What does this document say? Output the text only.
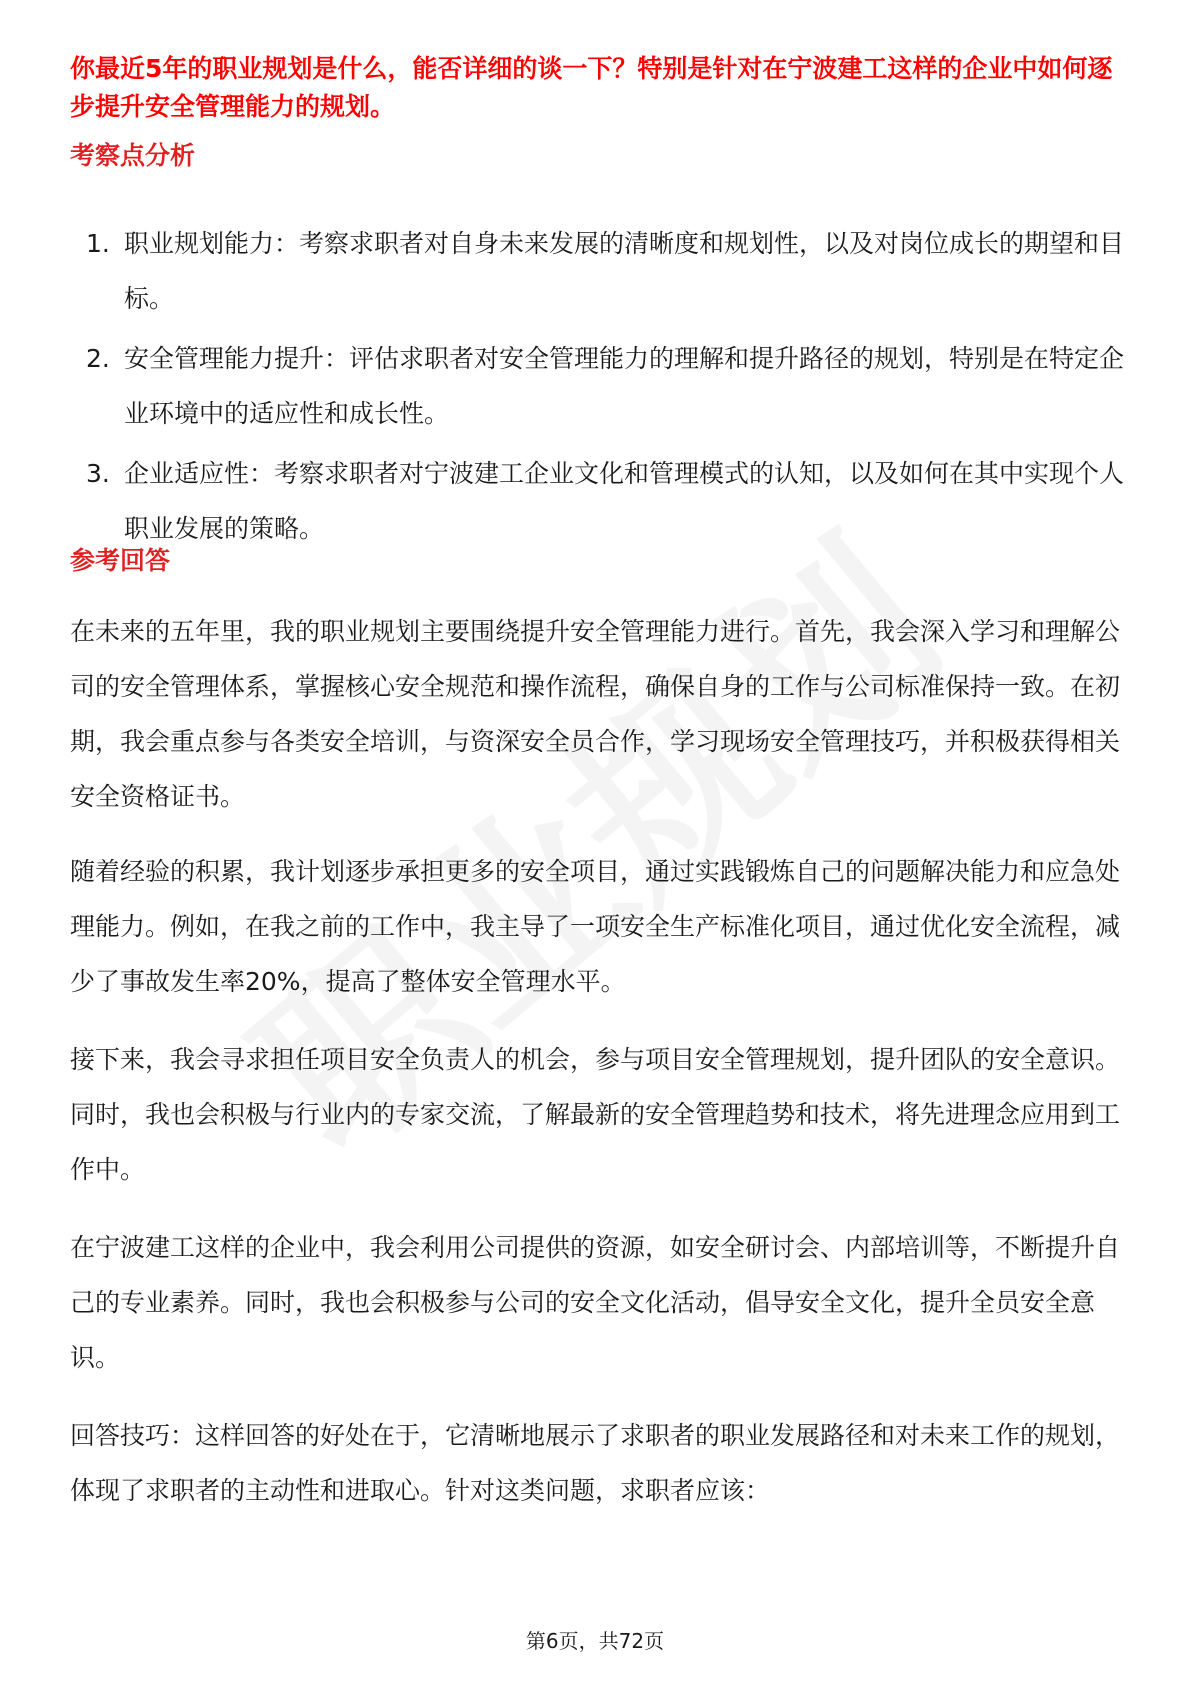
你最近5年的职业规划是什么，能否详细的谈一下？特别是针对在宁波建工这样的企业中如何逐步提升安全管理能力的规划。
考察点分析
1. 职业规划能力：考察求职者对自身未来发展的清晰度和规划性，以及对岗位成长的期望和目标。
2. 安全管理能力提升：评估求职者对安全管理能力的理解和提升路径的规划，特别是在特定企业环境中的适应性和成长性。
3. 企业适应性：考察求职者对宁波建工企业文化和管理模式的认知，以及如何在其中实现个人职业发展的策略。
参考回答

在未来的五年里，我的职业规划主要围绕提升安全管理能力进行。首先，我会深入学习和理解公司的安全管理体系，掌握核心安全规范和操作流程，确保自身的工作与公司标准保持一致。在初期，我会重点参与各类安全培训，与资深安全员合作，学习现场安全管理技巧，并积极获得相关安全资格证书。

随着经验的积累，我计划逐步承担更多的安全项目，通过实践锻炼自己的问题解决能力和应急处理能力。例如，在我之前的工作中，我主导了一项安全生产标准化项目，通过优化安全流程，减少了事故发生率20%，提高了整体安全管理水平。

接下来，我会寻求担任项目安全负责人的机会，参与项目安全管理规划，提升团队的安全意识。同时，我也会积极与行业内的专家交流，了解最新的安全管理趋势和技术，将先进理念应用到工作中。

在宁波建工这样的企业中，我会利用公司提供的资源，如安全研讨会、内部培训等，不断提升自己的专业素养。同时，我也会积极参与公司的安全文化活动，倡导安全文化，提升全员安全意识。

回答技巧：这样回答的好处在于，它清晰地展示了求职者的职业发展路径和对未来工作的规划，体现了求职者的主动性和进取心。针对这类问题，求职者应该：

第6页，共72页
